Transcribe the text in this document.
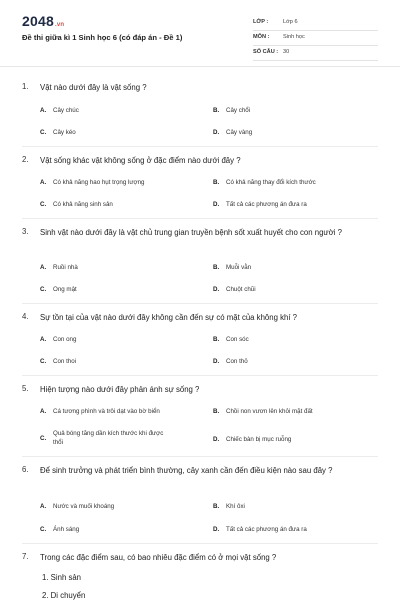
2048.vn
Đề thi giữa kì 1 Sinh học 6 (có đáp án - Đề 1)
LỚP :	Lớp 6
MÔN : Sinh học
SỐ CÂU : 30
1. Vật nào dưới đây là vật sống ?
A. Cây chúc	B. Cây chổi
C. Cây kéo	D. Cây vàng
2. Vật sống khác vật không sống ở đặc điểm nào dưới đây ?
A. Có khả năng hao hụt trọng lượng	B. Có khả năng thay đổi kích thước
C. Có khả năng sinh sản	D. Tất cả các phương án đưa ra
3. Sinh vật nào dưới đây là vật chủ trung gian truyền bệnh sốt xuất huyết cho con người ?
A. Ruồi nhà	B. Muỗi vằn
C. Ong mật	D. Chuột chũi
4. Sự tồn tại của vật nào dưới đây không cần đến sự có mặt của không khí ?
A. Con ong	B. Con sóc
C. Con thoi	D. Con thỏ
5. Hiện tượng nào dưới đây phản ánh sự sống ?
A. Cá tương phình và trôi dạt vào bờ biển	B. Chồi non vươn lên khỏi mặt đất
C.
Quả bóng tăng dần kích thước khi được thổi	D. Chiếc bàn bị mục ruỗng
6. Để sinh trưởng và phát triển bình thường, cây xanh cần đến điều kiện nào sau đây ?
A. Nước và muối khoáng	B. Khí ôxi
C. Ánh sáng	D. Tất cả các phương án đưa ra
7. Trong các đặc điểm sau, có bao nhiêu đặc điểm có ở mọi vật sống ?
1. Sinh sản
2. Di chuyển
